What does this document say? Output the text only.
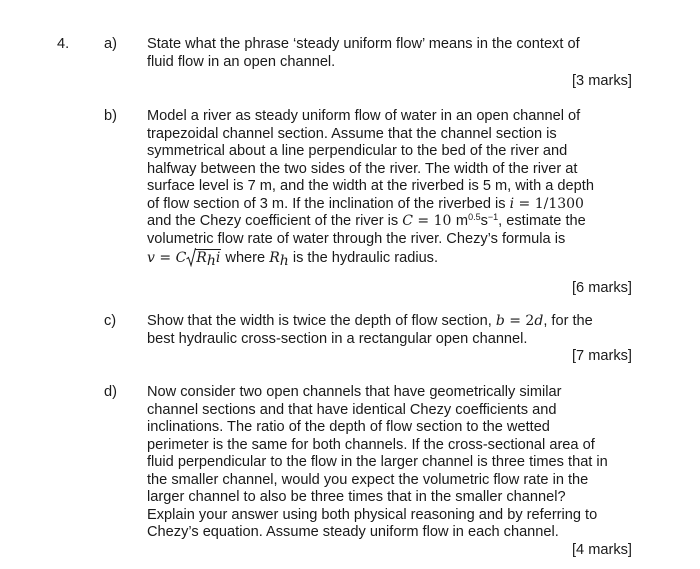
4. a) State what the phrase ‘steady uniform flow’ means in the context of
fluid flow in an open channel.
[3 marks]
b) Model a river as steady uniform flow of water in an open channel of
trapezoidal channel section. Assume that the channel section is
symmetrical about a line perpendicular to the bed of the river and
halfway between the two sides of the river. The width of the river at
surface level is 7 m, and the width at the riverbed is 5 m, with a depth
of flow section of 3 m. If the inclination of the riverbed is i = 1/1300
and the Chezy coefficient of the river is C = 10 $m^{0.5}s^{-1}$, estimate the
volumetric flow rate of water through the river. Chezy’s formula is
v = C $R_hi$ where $R_h$ is the hydraulic radius.
[6 marks]
c) Show that the width is twice the depth of flow section, b = 2d, for the
best hydraulic cross-section in a rectangular open channel.
[7 marks]
d) Now consider two open channels that have geometrically similar
channel sections and that have identical Chezy coefficients and
inclinations. The ratio of the depth of flow section to the wetted
perimeter is the same for both channels. If the cross-sectional area of
fluid perpendicular to the flow in the larger channel is three times that in
the smaller channel, would you expect the volumetric flow rate in the
larger channel to also be three times that in the smaller channel?
Explain your answer using both physical reasoning and by referring to
Chezy’s equation. Assume steady uniform flow in each channel.
[4 marks]
